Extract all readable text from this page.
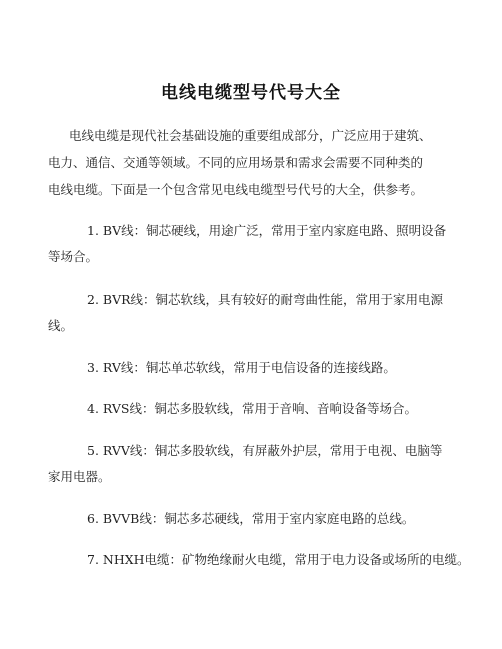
电线电缆型号代号大全
电线电缆是现代社会基础设施的重要组成部分，广泛应用于建筑、
电力、通信、交通等领域。不同的应用场景和需求会需要不同种类的
电线电缆。下面是一个包含常见电线电缆型号代号的大全，供参考。
1. BV线：铜芯硬线，用途广泛，常用于室内家庭电路、照明设备
等场合。
2. BVR线：铜芯软线，具有较好的耐弯曲性能，常用于家用电源
线。
3. RV线：铜芯单芯软线，常用于电信设备的连接线路。
4. RVS线：铜芯多股软线，常用于音响、音响设备等场合。
5. RVV线：铜芯多股软线，有屏蔽外护层，常用于电视、电脑等
家用电器。
6. BVVB线：铜芯多芯硬线，常用于室内家庭电路的总线。
7. NHXH电缆：矿物绝缘耐火电缆，常用于电力设备或场所的电缆。
